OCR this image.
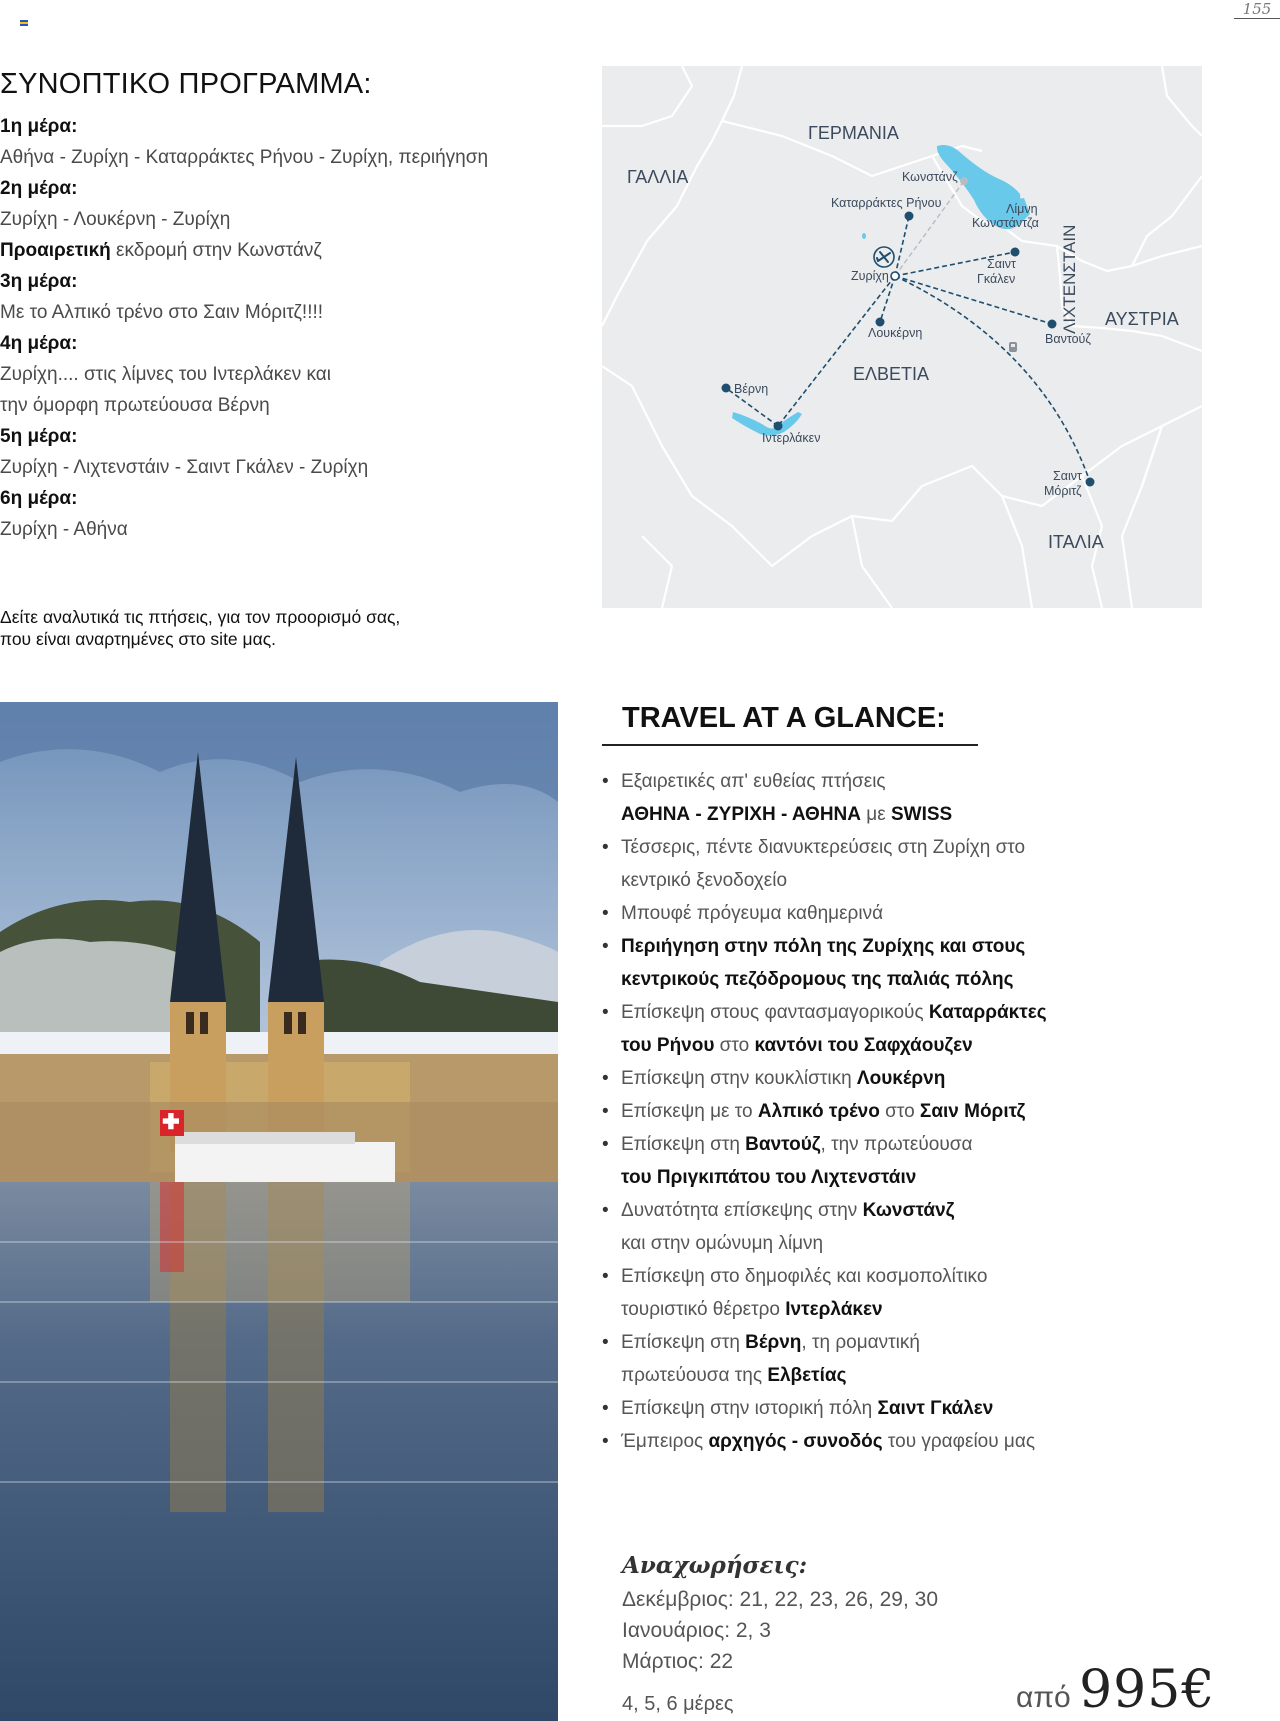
155
ΣΥΝΟΠΤΙΚΟ ΠΡΟΓΡΑΜΜΑ:
1η μέρα:
Αθήνα - Ζυρίχη - Καταρράκτες Ρήνου - Ζυρίχη, περιήγηση
2η μέρα:
Ζυρίχη - Λουκέρνη - Ζυρίχη
Προαιρετική εκδρομή στην Κωνστάνζ
3η μέρα:
Με το Αλπικό τρένο στο Σαιν Μόριτζ!!!!
4η μέρα:
Ζυρίχη.... στις λίμνες του Ιντερλάκεν και
την όμορφη πρωτεύουσα Βέρνη
5η μέρα:
Ζυρίχη - Λιχτενστάιν - Σαιντ Γκάλεν - Ζυρίχη
6η μέρα:
Ζυρίχη - Αθήνα
Δείτε αναλυτικά τις πτήσεις, για τον προορισμό σας,
που είναι αναρτημένες στο site μας.
ΓΑΛΛΙΑ
ΓΕΡΜΑΝΙΑ
ΕΛΒΕΤΙΑ
ΑΥΣΤΡΙΑ
ΙΤΑΛΙΑ
ΛΙΧΤΕΝΣΤΑΙΝ
Κωνστάνζ
Καταρράκτες Ρήνου	Λίμνη
Κωνστάντζα
Ζυρίχη
Σαιντ
Γκάλεν
Λουκέρνη	Βαντούζ
Βέρνη
Ιντερλάκεν
Σαιντ
Μόριτζ
TRAVEL AT A GLANCE:
• Εξαιρετικές απ' ευθείας πτήσεις
ΑΘΗΝΑ - ΖΥΡΙΧΗ - ΑΘΗΝΑ με SWISS
• Τέσσερις, πέντε διανυκτερεύσεις στη Ζυρίχη στο
κεντρικό ξενοδοχείο
• Μπουφέ πρόγευμα καθημερινά
• Περιήγηση στην πόλη της Ζυρίχης και στους
κεντρικούς πεζόδρομους της παλιάς πόλης
• Επίσκεψη στους φαντασμαγορικούς Καταρράκτες
του Ρήνου στο καντόνι του Σαφχάουζεν
• Επίσκεψη στην κουκλίστικη Λουκέρνη
• Επίσκεψη με το Αλπικό τρένο στο Σαιν Μόριτζ
• Επίσκεψη στη Βαντούζ, την πρωτεύουσα
του Πριγκιπάτου του Λιχτενστάιν
• Δυνατότητα επίσκεψης στην Κωνστάνζ
και στην ομώνυμη λίμνη
• Επίσκεψη στο δημοφιλές και κοσμοπολίτικο
τουριστικό θέρετρο Ιντερλάκεν
• Επίσκεψη στη Βέρνη, τη ρομαντική
πρωτεύουσα της Ελβετίας
• Επίσκεψη στην ιστορική πόλη Σαιντ Γκάλεν
• Έμπειρος αρχηγός - συνοδός του γραφείου μας
Αναχωρήσεις:
Δεκέμβριος: 21, 22, 23, 26, 29, 30
Ιανουάριος: 2, 3
Μάρτιος: 22
4, 5, 6 μέρες	από 995€
